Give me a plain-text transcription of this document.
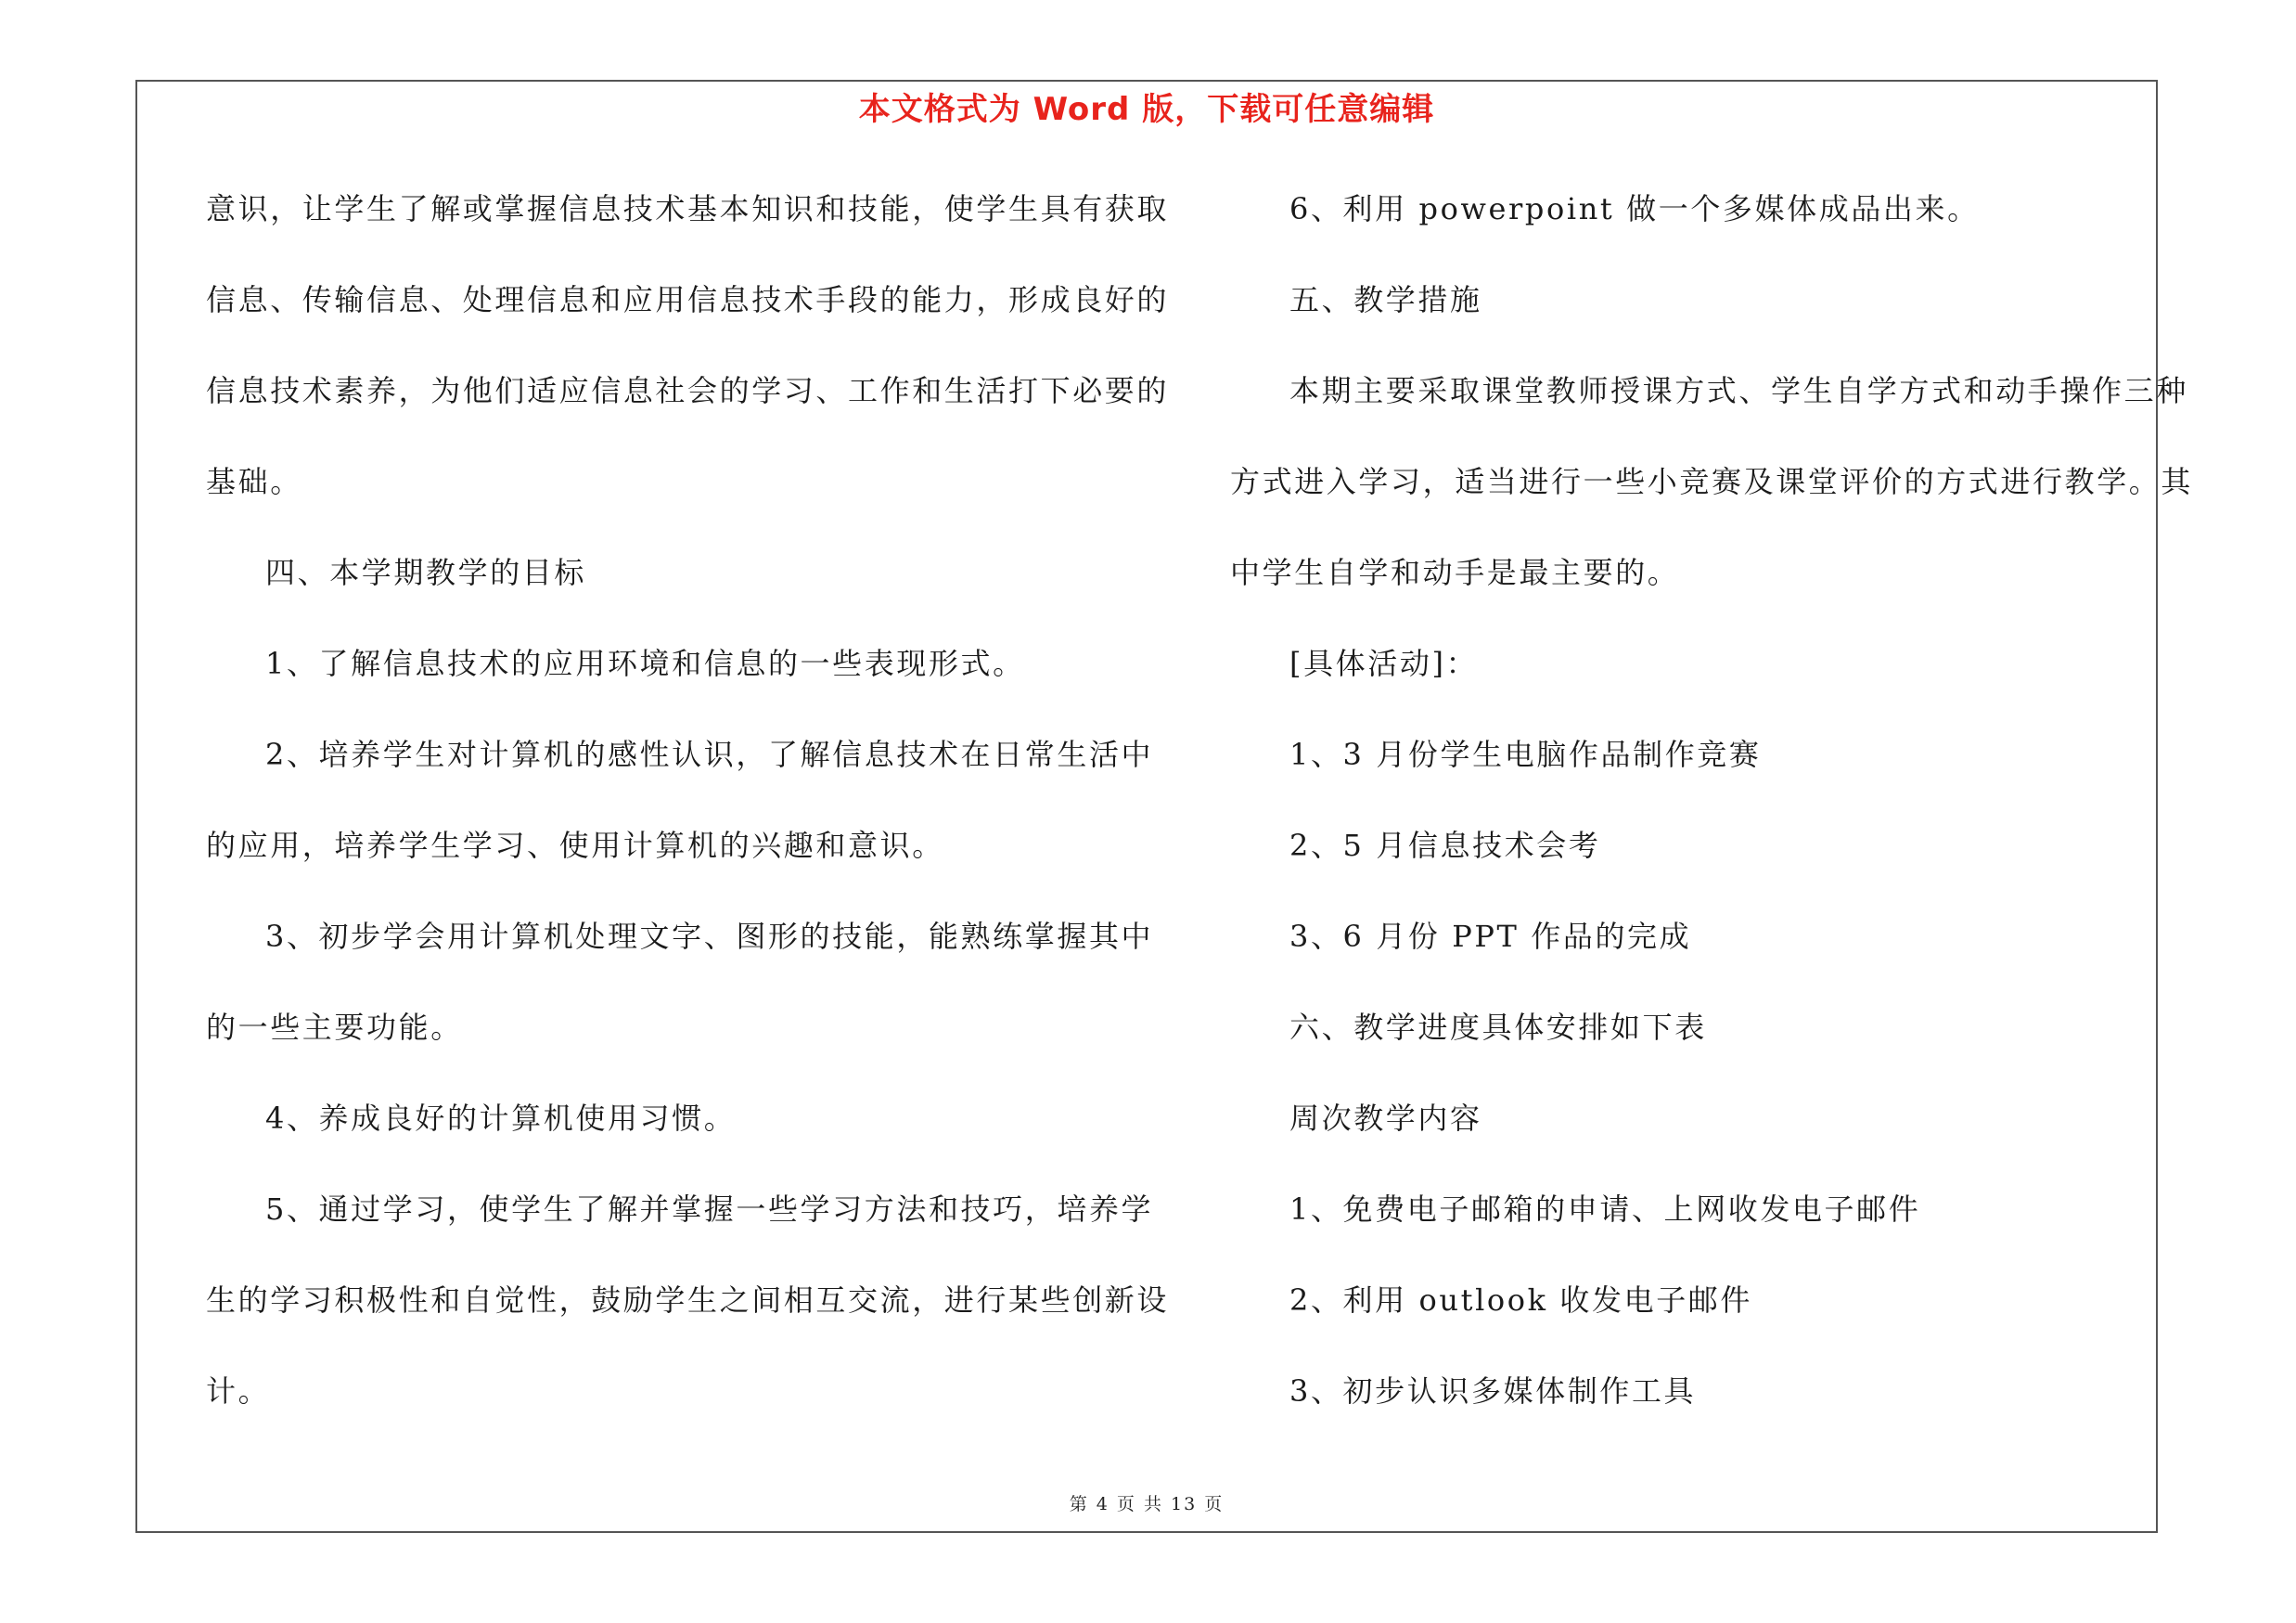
本文格式为 Word 版，下载可任意编辑
意识，让学生了解或掌握信息技术基本知识和技能，使学生具有获取
信息、传输信息、处理信息和应用信息技术手段的能力，形成良好的
信息技术素养，为他们适应信息社会的学习、工作和生活打下必要的
基础。
四、本学期教学的目标
1、了解信息技术的应用环境和信息的一些表现形式。
2、培养学生对计算机的感性认识，了解信息技术在日常生活中
的应用，培养学生学习、使用计算机的兴趣和意识。
3、初步学会用计算机处理文字、图形的技能，能熟练掌握其中
的一些主要功能。
4、养成良好的计算机使用习惯。
5、通过学习，使学生了解并掌握一些学习方法和技巧，培养学
生的学习积极性和自觉性，鼓励学生之间相互交流，进行某些创新设
计。
6、利用 powerpoint 做一个多媒体成品出来。
五、教学措施
本期主要采取课堂教师授课方式、学生自学方式和动手操作三种
方式进入学习，适当进行一些小竞赛及课堂评价的方式进行教学。其
中学生自学和动手是最主要的。
[具体活动]：
1、3 月份学生电脑作品制作竞赛
2、5 月信息技术会考
3、6 月份 PPT 作品的完成
六、教学进度具体安排如下表
周次教学内容
1、免费电子邮箱的申请、上网收发电子邮件
2、利用 outlook 收发电子邮件
3、初步认识多媒体制作工具
第 4 页 共 13 页
